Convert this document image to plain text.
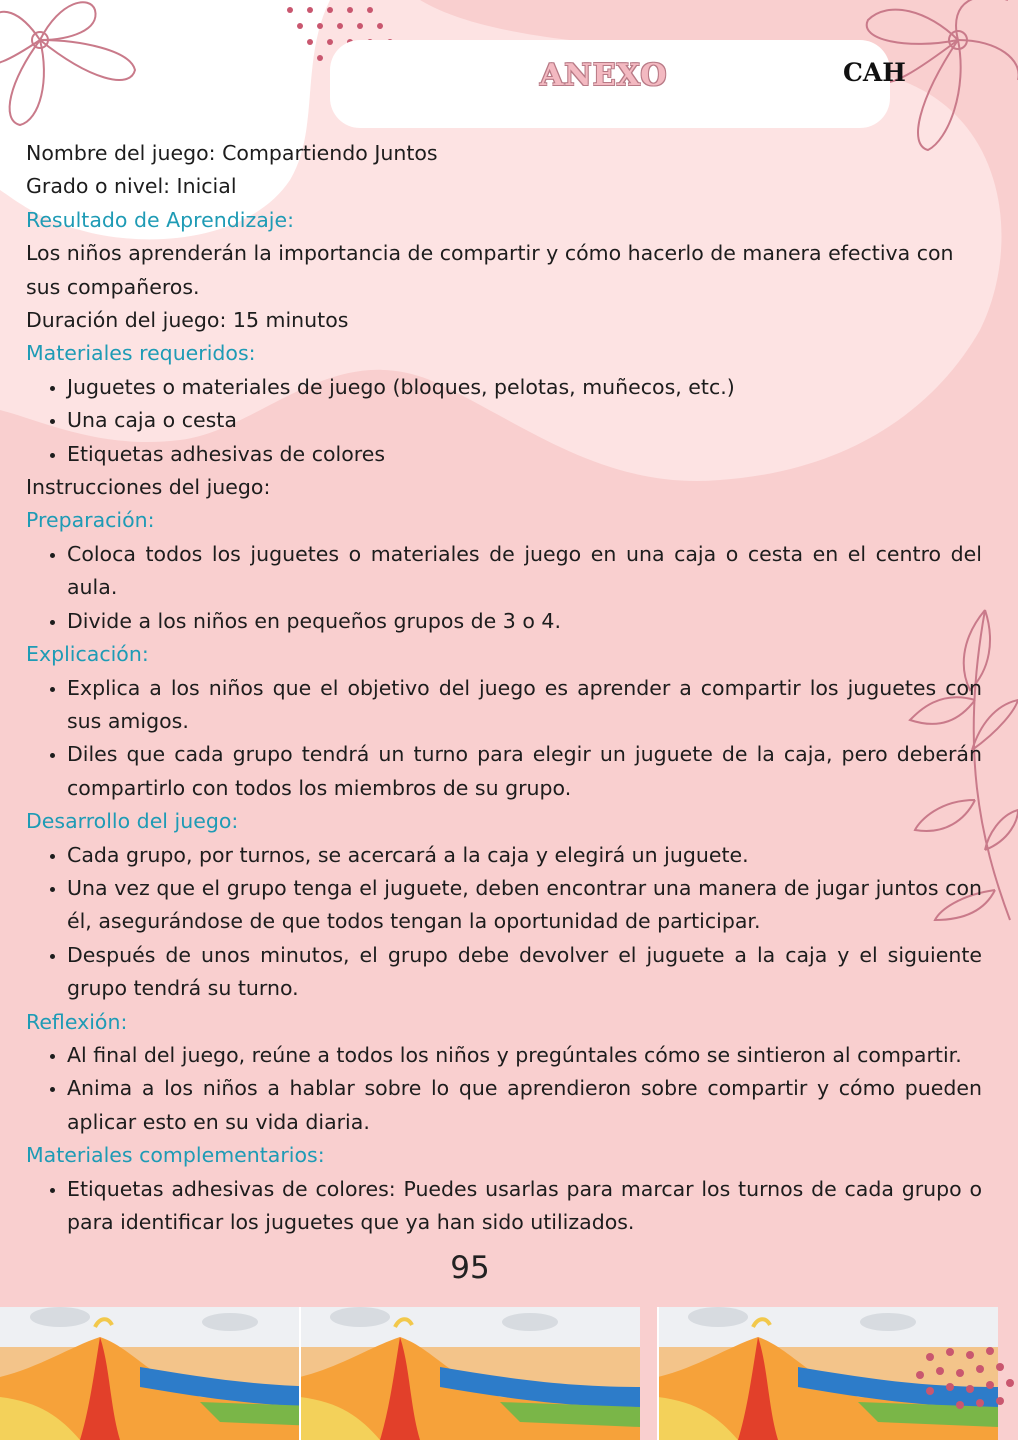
ANEXO	CAH

Nombre del juego: Compartiendo Juntos

Grado o nivel: Inicial

Resultado de Aprendizaje:

Los niños aprenderán la importancia de compartir y cómo hacerlo de manera efectiva con sus compañeros.

Duración del juego: 15 minutos

Materiales requeridos:

• Juguetes o materiales de juego (bloques, pelotas, muñecos, etc.)
• Una caja o cesta
• Etiquetas adhesivas de colores

Instrucciones del juego:

Preparación:

• Coloca todos los juguetes o materiales de juego en una caja o cesta en el centro del aula.
• Divide a los niños en pequeños grupos de 3 o 4.

Explicación:

• Explica a los niños que el objetivo del juego es aprender a compartir los juguetes con sus amigos.
• Diles que cada grupo tendrá un turno para elegir un juguete de la caja, pero deberán compartirlo con todos los miembros de su grupo.

Desarrollo del juego:

• Cada grupo, por turnos, se acercará a la caja y elegirá un juguete.
• Una vez que el grupo tenga el juguete, deben encontrar una manera de jugar juntos con él, asegurándose de que todos tengan la oportunidad de participar.
• Después de unos minutos, el grupo debe devolver el juguete a la caja y el siguiente grupo tendrá su turno.

Reflexión:

• Al final del juego, reúne a todos los niños y pregúntales cómo se sintieron al compartir.
• Anima a los niños a hablar sobre lo que aprendieron sobre compartir y cómo pueden aplicar esto en su vida diaria.

Materiales complementarios:

• Etiquetas adhesivas de colores: Puedes usarlas para marcar los turnos de cada grupo o para identificar los juguetes que ya han sido utilizados.
95
